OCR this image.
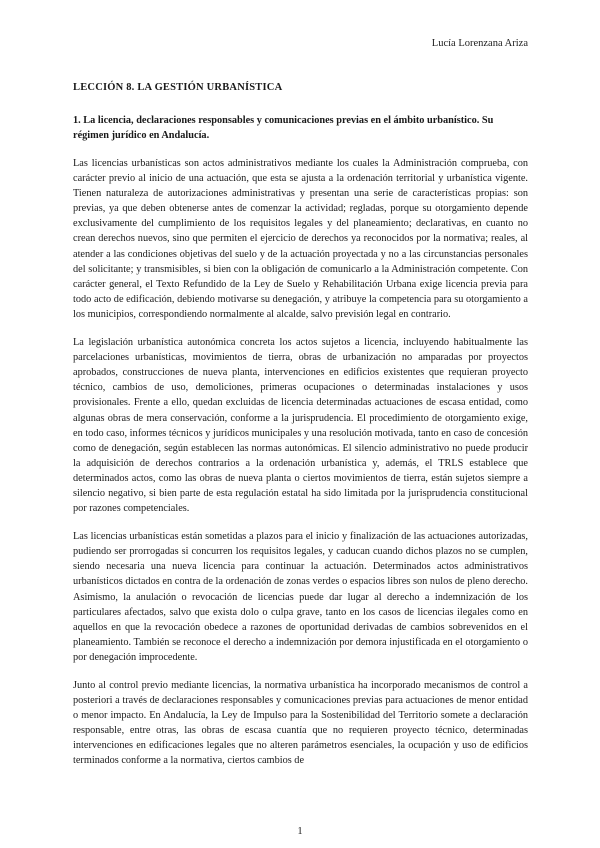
Lucía Lorenzana Ariza
LECCIÓN 8. LA GESTIÓN URBANÍSTICA
1. La licencia, declaraciones responsables y comunicaciones previas en el ámbito urbanístico. Su régimen jurídico en Andalucía.

Las licencias urbanísticas son actos administrativos mediante los cuales la Administración comprueba, con carácter previo al inicio de una actuación, que esta se ajusta a la ordenación territorial y urbanística vigente. Tienen naturaleza de autorizaciones administrativas y presentan una serie de características propias: son previas, ya que deben obtenerse antes de comenzar la actividad; regladas, porque su otorgamiento depende exclusivamente del cumplimiento de los requisitos legales y del planeamiento; declarativas, en cuanto no crean derechos nuevos, sino que permiten el ejercicio de derechos ya reconocidos por la normativa; reales, al atender a las condiciones objetivas del suelo y de la actuación proyectada y no a las circunstancias personales del solicitante; y transmisibles, si bien con la obligación de comunicarlo a la Administración competente. Con carácter general, el Texto Refundido de la Ley de Suelo y Rehabilitación Urbana exige licencia previa para todo acto de edificación, debiendo motivarse su denegación, y atribuye la competencia para su otorgamiento a los municipios, correspondiendo normalmente al alcalde, salvo previsión legal en contrario.

La legislación urbanística autonómica concreta los actos sujetos a licencia, incluyendo habitualmente las parcelaciones urbanísticas, movimientos de tierra, obras de urbanización no amparadas por proyectos aprobados, construcciones de nueva planta, intervenciones en edificios existentes que requieran proyecto técnico, cambios de uso, demoliciones, primeras ocupaciones o determinadas instalaciones y usos provisionales. Frente a ello, quedan excluidas de licencia determinadas actuaciones de escasa entidad, como algunas obras de mera conservación, conforme a la jurisprudencia. El procedimiento de otorgamiento exige, en todo caso, informes técnicos y jurídicos municipales y una resolución motivada, tanto en caso de concesión como de denegación, según establecen las normas autonómicas. El silencio administrativo no puede producir la adquisición de derechos contrarios a la ordenación urbanística y, además, el TRLS establece que determinados actos, como las obras de nueva planta o ciertos movimientos de tierra, están sujetos siempre a silencio negativo, si bien parte de esta regulación estatal ha sido limitada por la jurisprudencia constitucional por razones competenciales.

Las licencias urbanísticas están sometidas a plazos para el inicio y finalización de las actuaciones autorizadas, pudiendo ser prorrogadas si concurren los requisitos legales, y caducan cuando dichos plazos no se cumplen, siendo necesaria una nueva licencia para continuar la actuación. Determinados actos administrativos urbanísticos dictados en contra de la ordenación de zonas verdes o espacios libres son nulos de pleno derecho. Asimismo, la anulación o revocación de licencias puede dar lugar al derecho a indemnización de los particulares afectados, salvo que exista dolo o culpa grave, tanto en los casos de licencias ilegales como en aquellos en que la revocación obedece a razones de oportunidad derivadas de cambios sobrevenidos en el planeamiento. También se reconoce el derecho a indemnización por demora injustificada en el otorgamiento o por denegación improcedente.

Junto al control previo mediante licencias, la normativa urbanística ha incorporado mecanismos de control a posteriori a través de declaraciones responsables y comunicaciones previas para actuaciones de menor entidad o menor impacto. En Andalucía, la Ley de Impulso para la Sostenibilidad del Territorio somete a declaración responsable, entre otras, las obras de escasa cuantía que no requieren proyecto técnico, determinadas intervenciones en edificaciones legales que no alteren parámetros esenciales, la ocupación y uso de edificios terminados conforme a la normativa, ciertos cambios de

1
